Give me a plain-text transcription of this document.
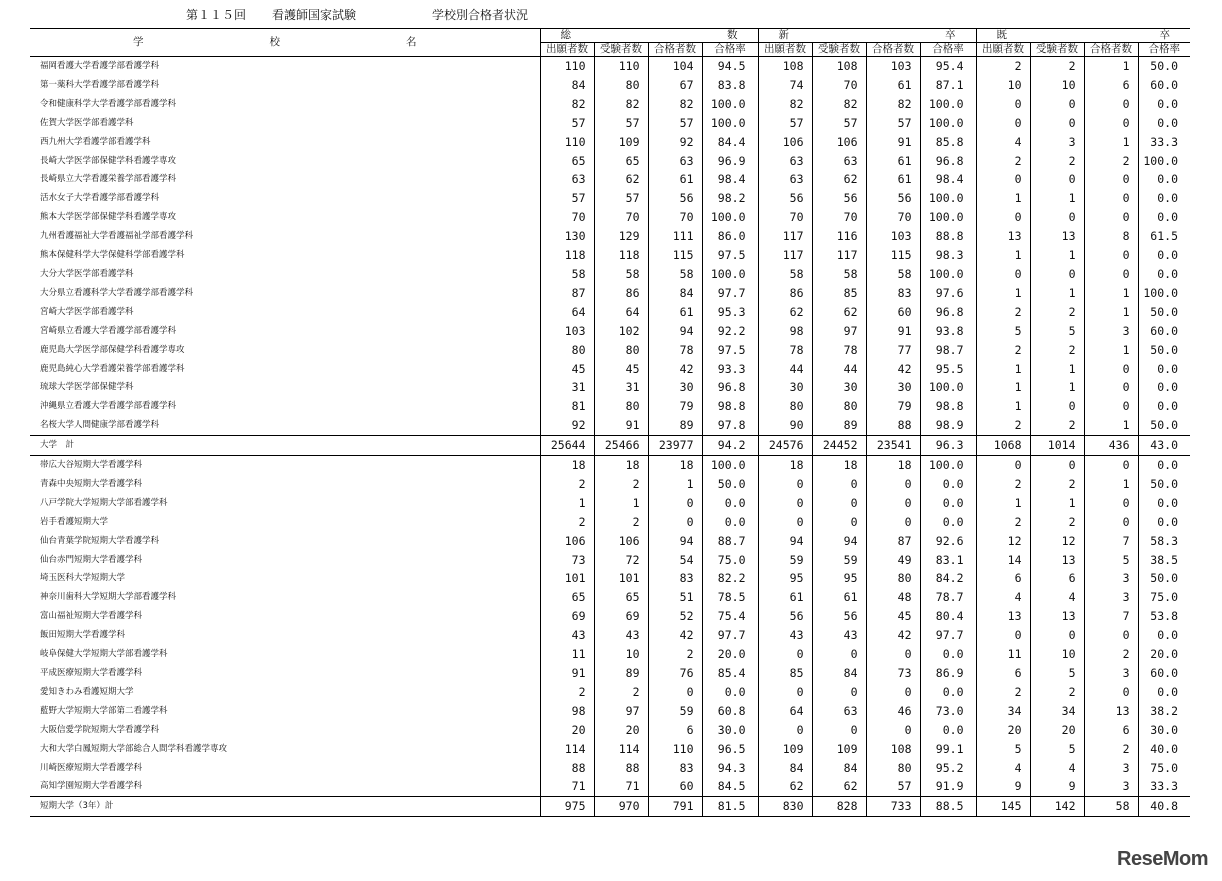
第１１５回 看護師国家試験	学校別合格者状況
学 校 名	総 数				新 卒				既 卒			

	出願者数	受験者数	合格者数	合格率	出願者数	受験者数	合格者数	合格率	出願者数	受験者数	合格者数	合格率
福岡看護大学看護学部看護学科	110	110	104	94.5	108	108	103	95.4	2	2	1	50.0
第一薬科大学看護学部看護学科	84	80	67	83.8	74	70	61	87.1	10	10	6	60.0
令和健康科学大学看護学部看護学科	82	82	82	100.0	82	82	82	100.0	0	0	0	0.0
佐賀大学医学部看護学科	57	57	57	100.0	57	57	57	100.0	0	0	0	0.0
西九州大学看護学部看護学科	110	109	92	84.4	106	106	91	85.8	4	3	1	33.3
長崎大学医学部保健学科看護学専攻	65	65	63	96.9	63	63	61	96.8	2	2	2	100.0
長崎県立大学看護栄養学部看護学科	63	62	61	98.4	63	62	61	98.4	0	0	0	0.0
活水女子大学看護学部看護学科	57	57	56	98.2	56	56	56	100.0	1	1	0	0.0
熊本大学医学部保健学科看護学専攻	70	70	70	100.0	70	70	70	100.0	0	0	0	0.0
九州看護福祉大学看護福祉学部看護学科	130	129	111	86.0	117	116	103	88.8	13	13	8	61.5
熊本保健科学大学保健科学部看護学科	118	118	115	97.5	117	117	115	98.3	1	1	0	0.0
大分大学医学部看護学科	58	58	58	100.0	58	58	58	100.0	0	0	0	0.0
大分県立看護科学大学看護学部看護学科	87	86	84	97.7	86	85	83	97.6	1	1	1	100.0
宮崎大学医学部看護学科	64	64	61	95.3	62	62	60	96.8	2	2	1	50.0
宮崎県立看護大学看護学部看護学科	103	102	94	92.2	98	97	91	93.8	5	5	3	60.0
鹿児島大学医学部保健学科看護学専攻	80	80	78	97.5	78	78	77	98.7	2	2	1	50.0
鹿児島純心大学看護栄養学部看護学科	45	45	42	93.3	44	44	42	95.5	1	1	0	0.0
琉球大学医学部保健学科	31	31	30	96.8	30	30	30	100.0	1	1	0	0.0
沖縄県立看護大学看護学部看護学科	81	80	79	98.8	80	80	79	98.8	1	0	0	0.0
名桜大学人間健康学部看護学科	92	91	89	97.8	90	89	88	98.9	2	2	1	50.0
大学　計	25644	25466	23977	94.2	24576	24452	23541	96.3	1068	1014	436	43.0
帯広大谷短期大学看護学科	18	18	18	100.0	18	18	18	100.0	0	0	0	0.0
青森中央短期大学看護学科	2	2	1	50.0	0	0	0	0.0	2	2	1	50.0
八戸学院大学短期大学部看護学科	1	1	0	0.0	0	0	0	0.0	1	1	0	0.0
岩手看護短期大学	2	2	0	0.0	0	0	0	0.0	2	2	0	0.0
仙台青葉学院短期大学看護学科	106	106	94	88.7	94	94	87	92.6	12	12	7	58.3
仙台赤門短期大学看護学科	73	72	54	75.0	59	59	49	83.1	14	13	5	38.5
埼玉医科大学短期大学	101	101	83	82.2	95	95	80	84.2	6	6	3	50.0
神奈川歯科大学短期大学部看護学科	65	65	51	78.5	61	61	48	78.7	4	4	3	75.0
富山福祉短期大学看護学科	69	69	52	75.4	56	56	45	80.4	13	13	7	53.8
飯田短期大学看護学科	43	43	42	97.7	43	43	42	97.7	0	0	0	0.0
岐阜保健大学短期大学部看護学科	11	10	2	20.0	0	0	0	0.0	11	10	2	20.0
平成医療短期大学看護学科	91	89	76	85.4	85	84	73	86.9	6	5	3	60.0
愛知きわみ看護短期大学	2	2	0	0.0	0	0	0	0.0	2	2	0	0.0
藍野大学短期大学部第二看護学科	98	97	59	60.8	64	63	46	73.0	34	34	13	38.2
大阪信愛学院短期大学看護学科	20	20	6	30.0	0	0	0	0.0	20	20	6	30.0
大和大学白鳳短期大学部総合人間学科看護学専攻	114	114	110	96.5	109	109	108	99.1	5	5	2	40.0
川崎医療短期大学看護学科	88	88	83	94.3	84	84	80	95.2	4	4	3	75.0
高知学園短期大学看護学科	71	71	60	84.5	62	62	57	91.9	9	9	3	33.3
短期大学（3年）計	975	970	791	81.5	830	828	733	88.5	145	142	58	40.8
ReseMom
